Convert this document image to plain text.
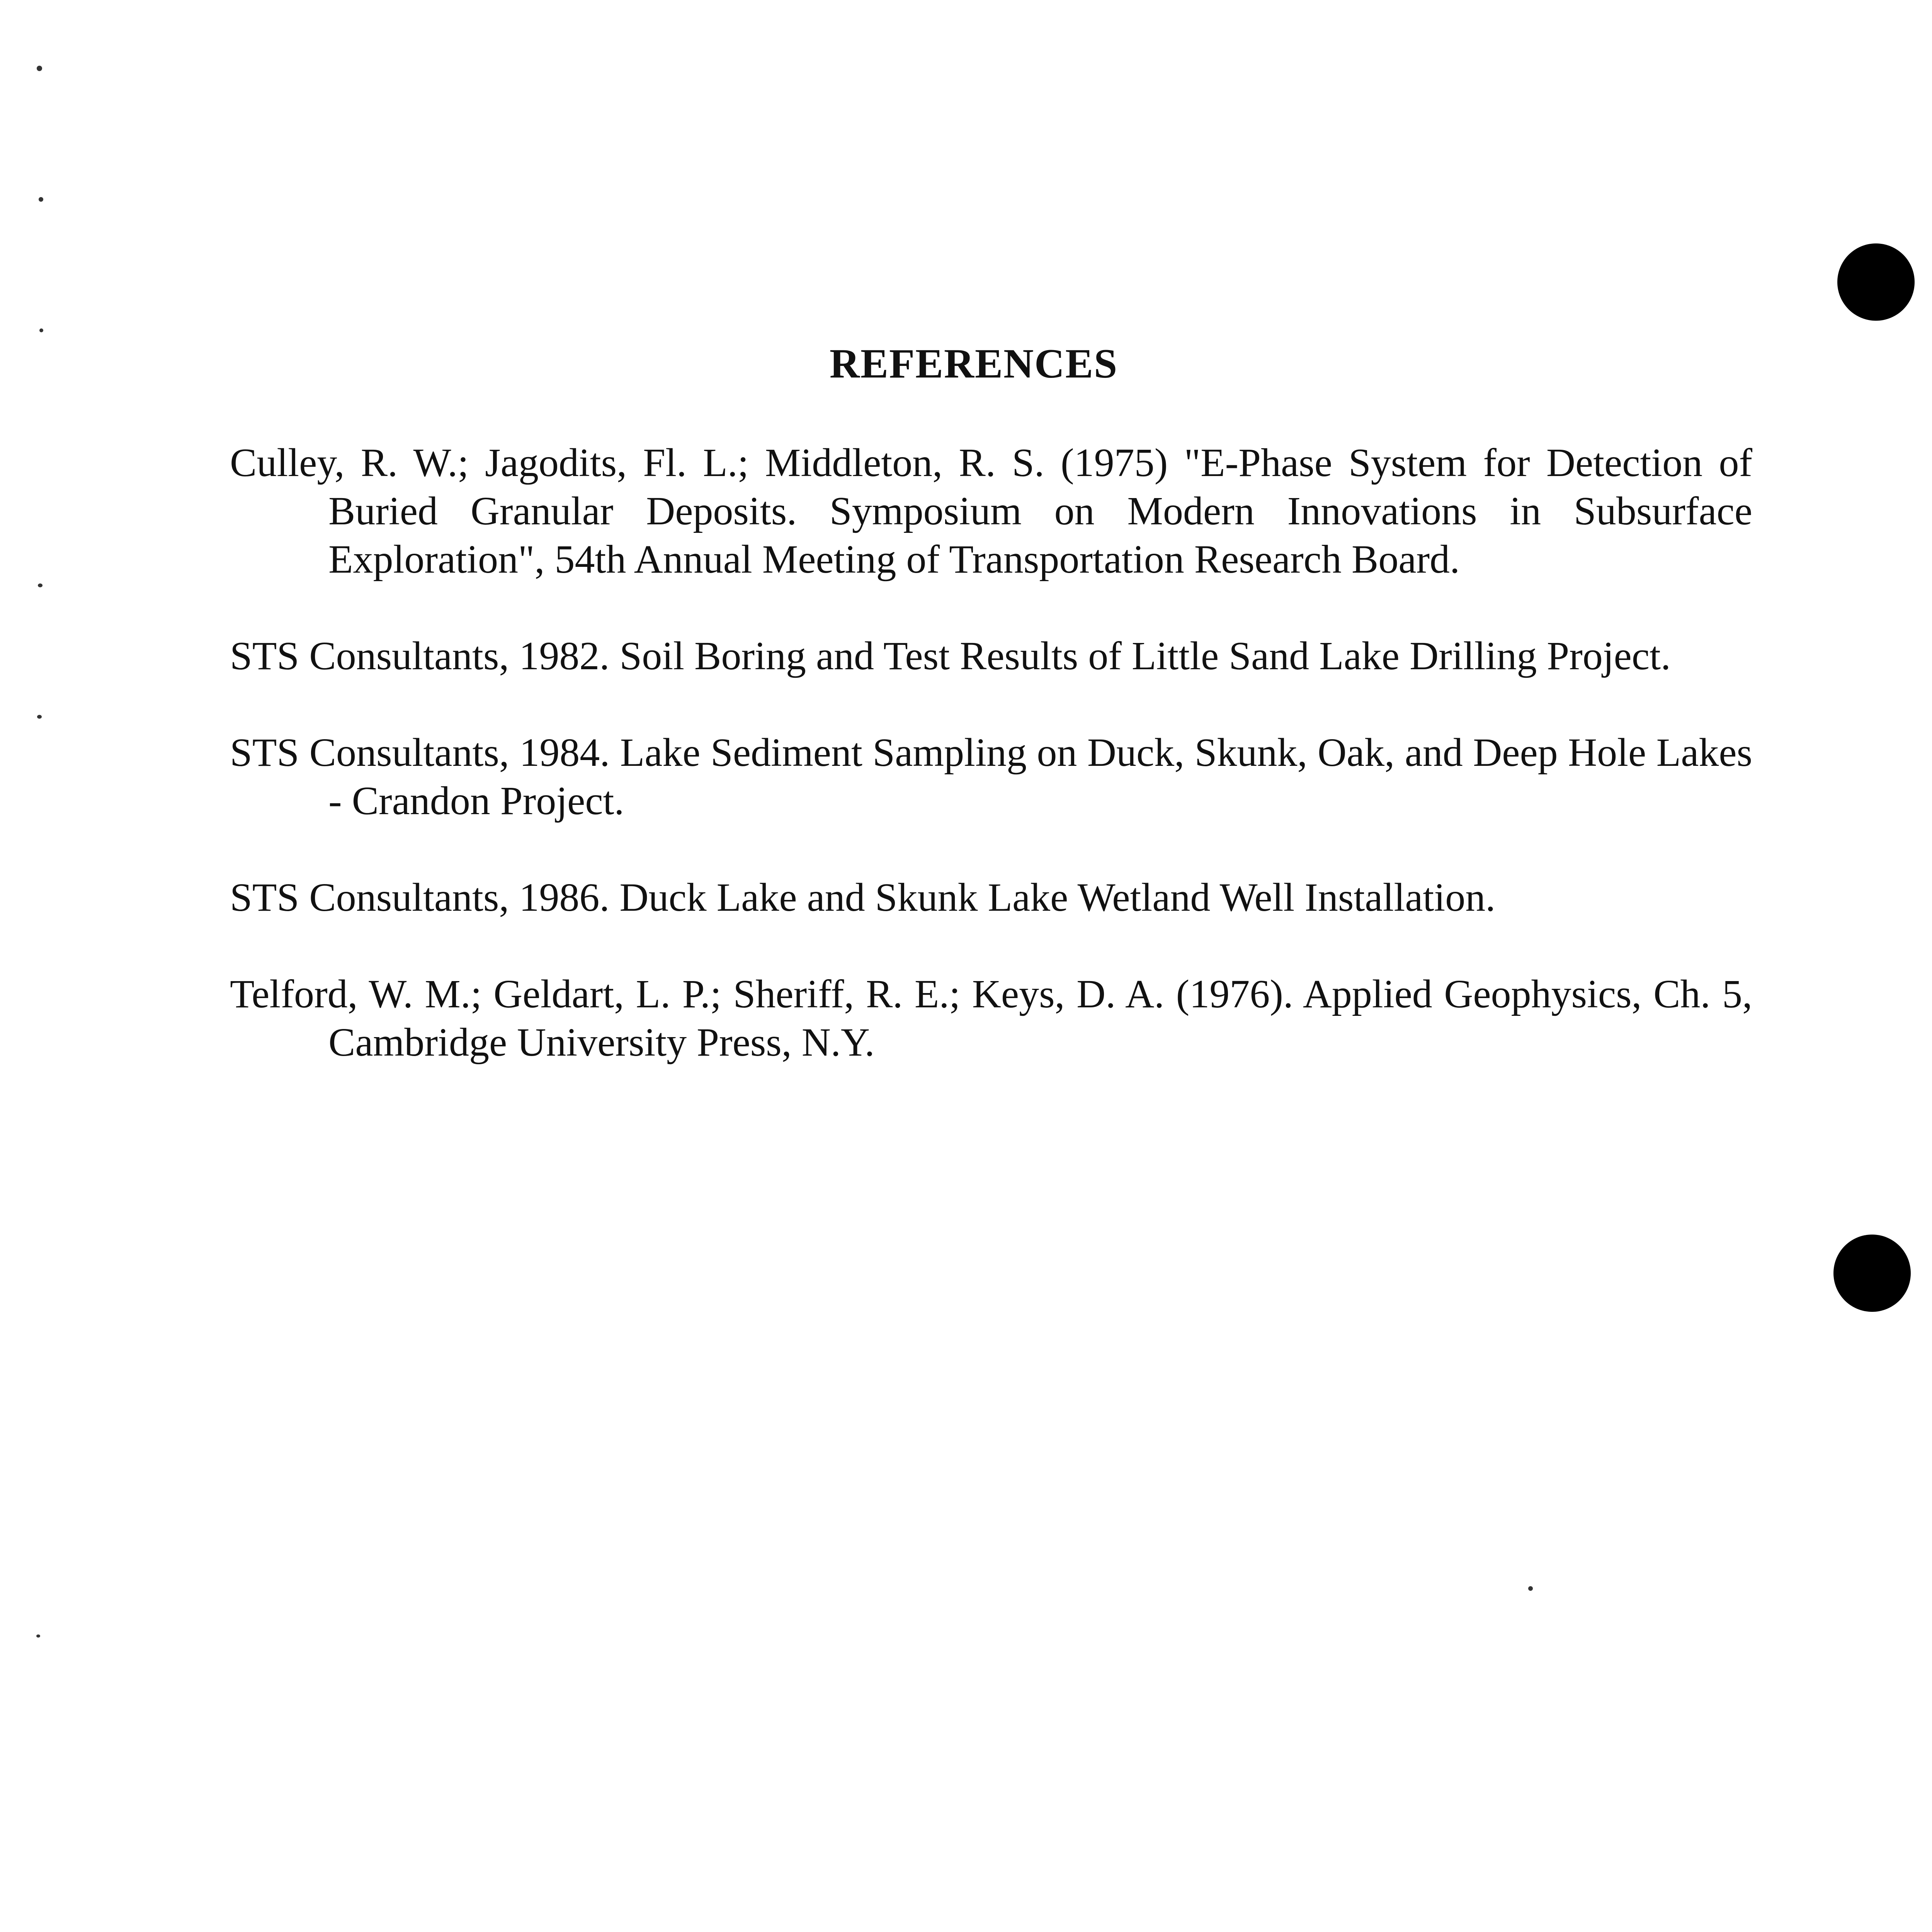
REFERENCES

Culley, R. W.; Jagodits, Fl. L.; Middleton, R. S. (1975) "E-Phase System for Detection of Buried Granular Deposits. Symposium on Modern Innovations in Subsurface Exploration", 54th Annual Meeting of Transportation Research Board.

STS Consultants, 1982. Soil Boring and Test Results of Little Sand Lake Drilling Project.

STS Consultants, 1984. Lake Sediment Sampling on Duck, Skunk, Oak, and Deep Hole Lakes - Crandon Project.

STS Consultants, 1986. Duck Lake and Skunk Lake Wetland Well Installation.

Telford, W. M.; Geldart, L. P.; Sheriff, R. E.; Keys, D. A. (1976). Applied Geophysics, Ch. 5, Cambridge University Press, N.Y.
